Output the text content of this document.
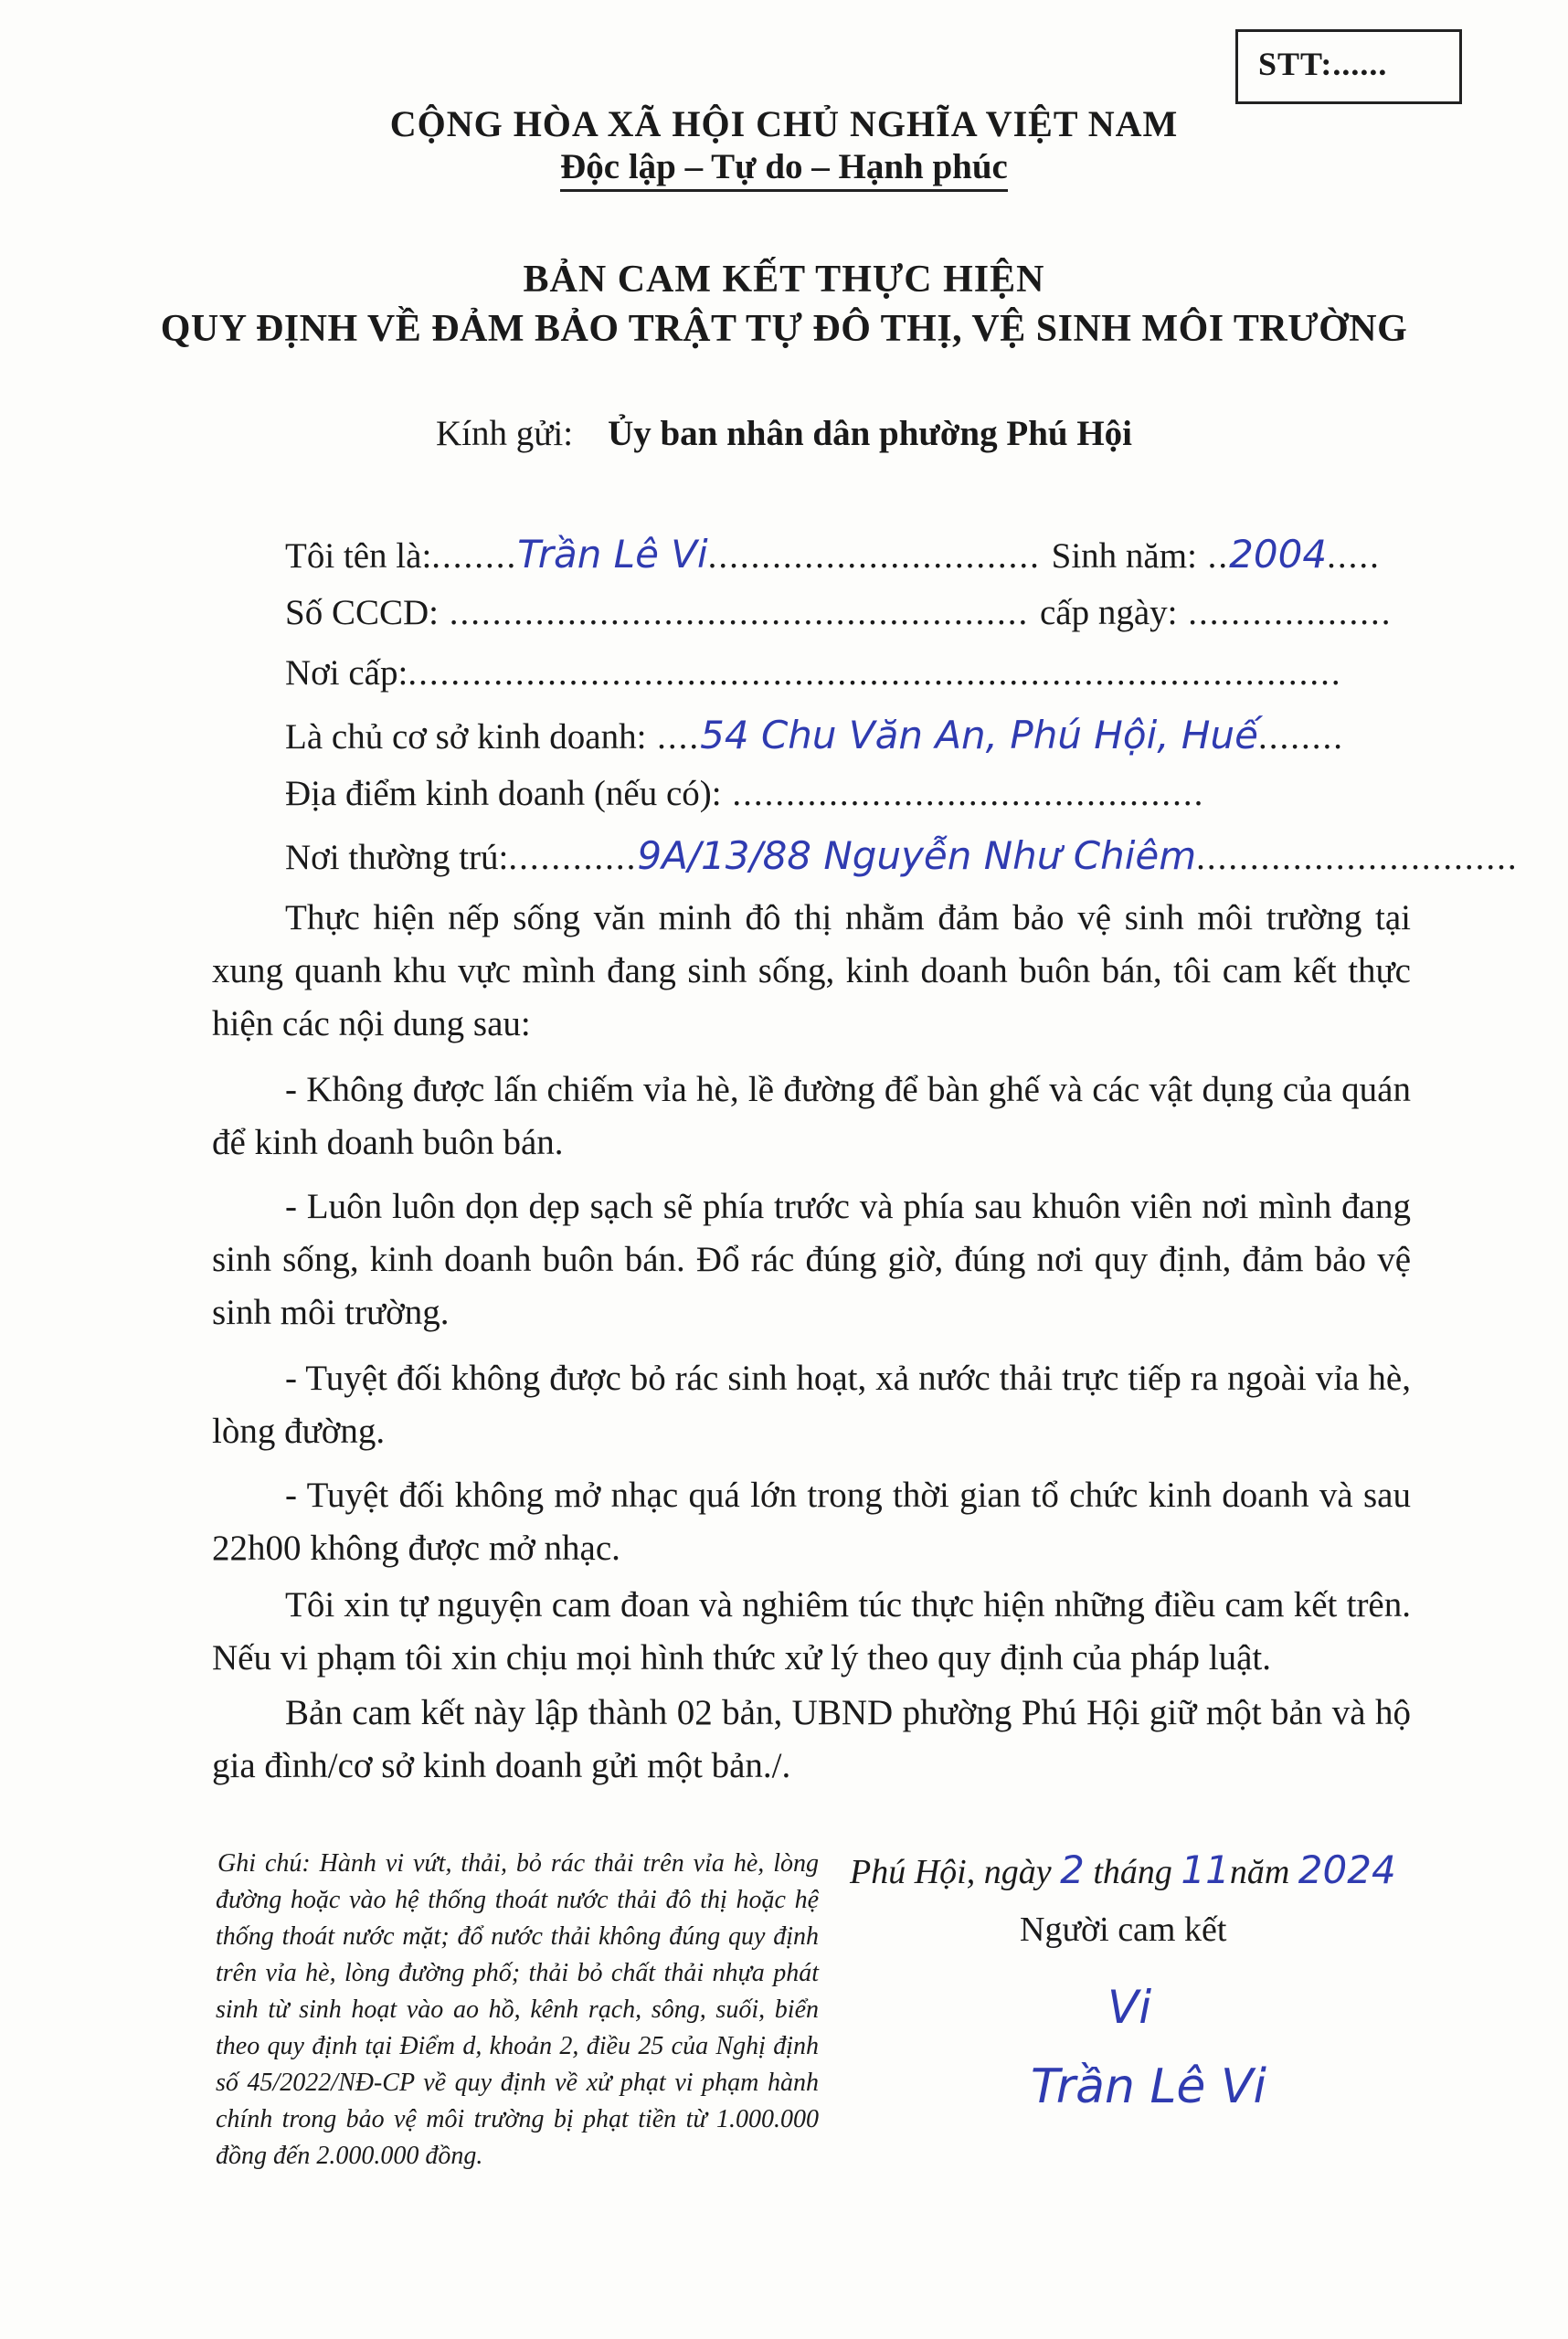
STT:......
CỘNG HÒA XÃ HỘI CHỦ NGHĨA VIỆT NAM
Độc lập – Tự do – Hạnh phúc
BẢN CAM KẾT THỰC HIỆN
QUY ĐỊNH VỀ ĐẢM BẢO TRẬT TỰ ĐÔ THỊ, VỆ SINH MÔI TRƯỜNG
Kính gửi: Ủy ban nhân dân phường Phú Hội
Tôi tên là:........Trần Lê Vi............................... Sinh năm: ..2004.....
Số CCCD: ...................................................... cấp ngày: ...................
Nơi cấp:.......................................................................................
Là chủ cơ sở kinh doanh: ....54 Chu Văn An, Phú Hội, Huế........
Địa điểm kinh doanh (nếu có): ............................................
Nơi thường trú:............9A/13/88 Nguyễn Như Chiêm..............................
Thực hiện nếp sống văn minh đô thị nhằm đảm bảo vệ sinh môi trường tại xung quanh khu vực mình đang sinh sống, kinh doanh buôn bán, tôi cam kết thực hiện các nội dung sau:
- Không được lấn chiếm vỉa hè, lề đường để bàn ghế và các vật dụng của quán để kinh doanh buôn bán.
- Luôn luôn dọn dẹp sạch sẽ phía trước và phía sau khuôn viên nơi mình đang sinh sống, kinh doanh buôn bán. Đổ rác đúng giờ, đúng nơi quy định, đảm bảo vệ sinh môi trường.
- Tuyệt đối không được bỏ rác sinh hoạt, xả nước thải trực tiếp ra ngoài vỉa hè, lòng đường.
- Tuyệt đối không mở nhạc quá lớn trong thời gian tổ chức kinh doanh và sau 22h00 không được mở nhạc.
Tôi xin tự nguyện cam đoan và nghiêm túc thực hiện những điều cam kết trên. Nếu vi phạm tôi xin chịu mọi hình thức xử lý theo quy định của pháp luật.
Bản cam kết này lập thành 02 bản, UBND phường Phú Hội giữ một bản và hộ gia đình/cơ sở kinh doanh gửi một bản./.
Ghi chú: Hành vi vứt, thải, bỏ rác thải trên vỉa hè, lòng đường hoặc vào hệ thống thoát nước thải đô thị hoặc hệ thống thoát nước mặt; đổ nước thải không đúng quy định trên vỉa hè, lòng đường phố; thải bỏ chất thải nhựa phát sinh từ sinh hoạt vào ao hồ, kênh rạch, sông, suối, biển theo quy định tại Điểm d, khoản 2, điều 25 của Nghị định số 45/2022/NĐ-CP về quy định về xử phạt vi phạm hành chính trong bảo vệ môi trường bị phạt tiền từ 1.000.000 đồng đến 2.000.000 đồng.
Phú Hội, ngày 2 tháng 11năm 2024
Người cam kết
Vi
Trần Lê Vi
